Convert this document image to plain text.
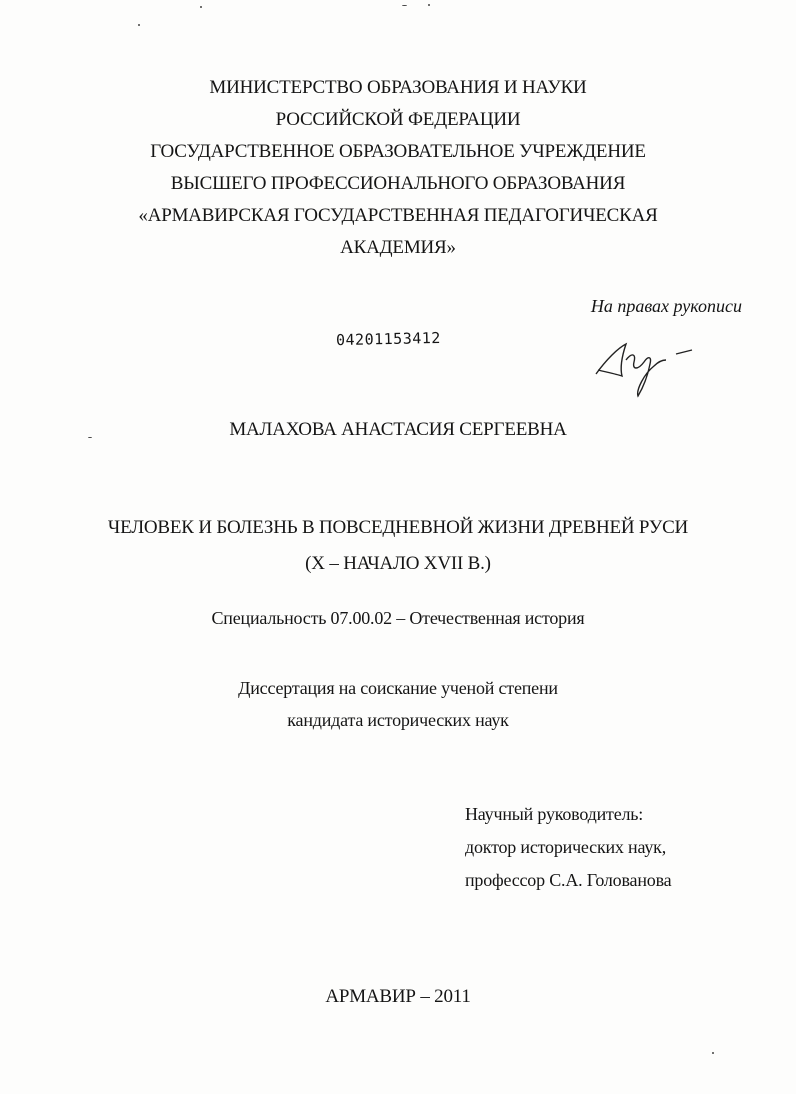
МИНИСТЕРСТВО ОБРАЗОВАНИЯ И НАУКИ
РОССИЙСКОЙ ФЕДЕРАЦИИ
ГОСУДАРСТВЕННОЕ ОБРАЗОВАТЕЛЬНОЕ УЧРЕЖДЕНИЕ
ВЫСШЕГО ПРОФЕССИОНАЛЬНОГО ОБРАЗОВАНИЯ
«АРМАВИРСКАЯ ГОСУДАРСТВЕННАЯ ПЕДАГОГИЧЕСКАЯ
АКАДЕМИЯ»
На правах рукописи
04201153412
МАЛАХОВА АНАСТАСИЯ СЕРГЕЕВНА
ЧЕЛОВЕК И БОЛЕЗНЬ В ПОВСЕДНЕВНОЙ ЖИЗНИ ДРЕВНЕЙ РУСИ
(X – НАЧАЛО XVII В.)
Специальность 07.00.02 – Отечественная история
Диссертация на соискание ученой степени
кандидата исторических наук
Научный руководитель:
доктор исторических наук,
профессор С.А. Голованова
АРМАВИР – 2011
